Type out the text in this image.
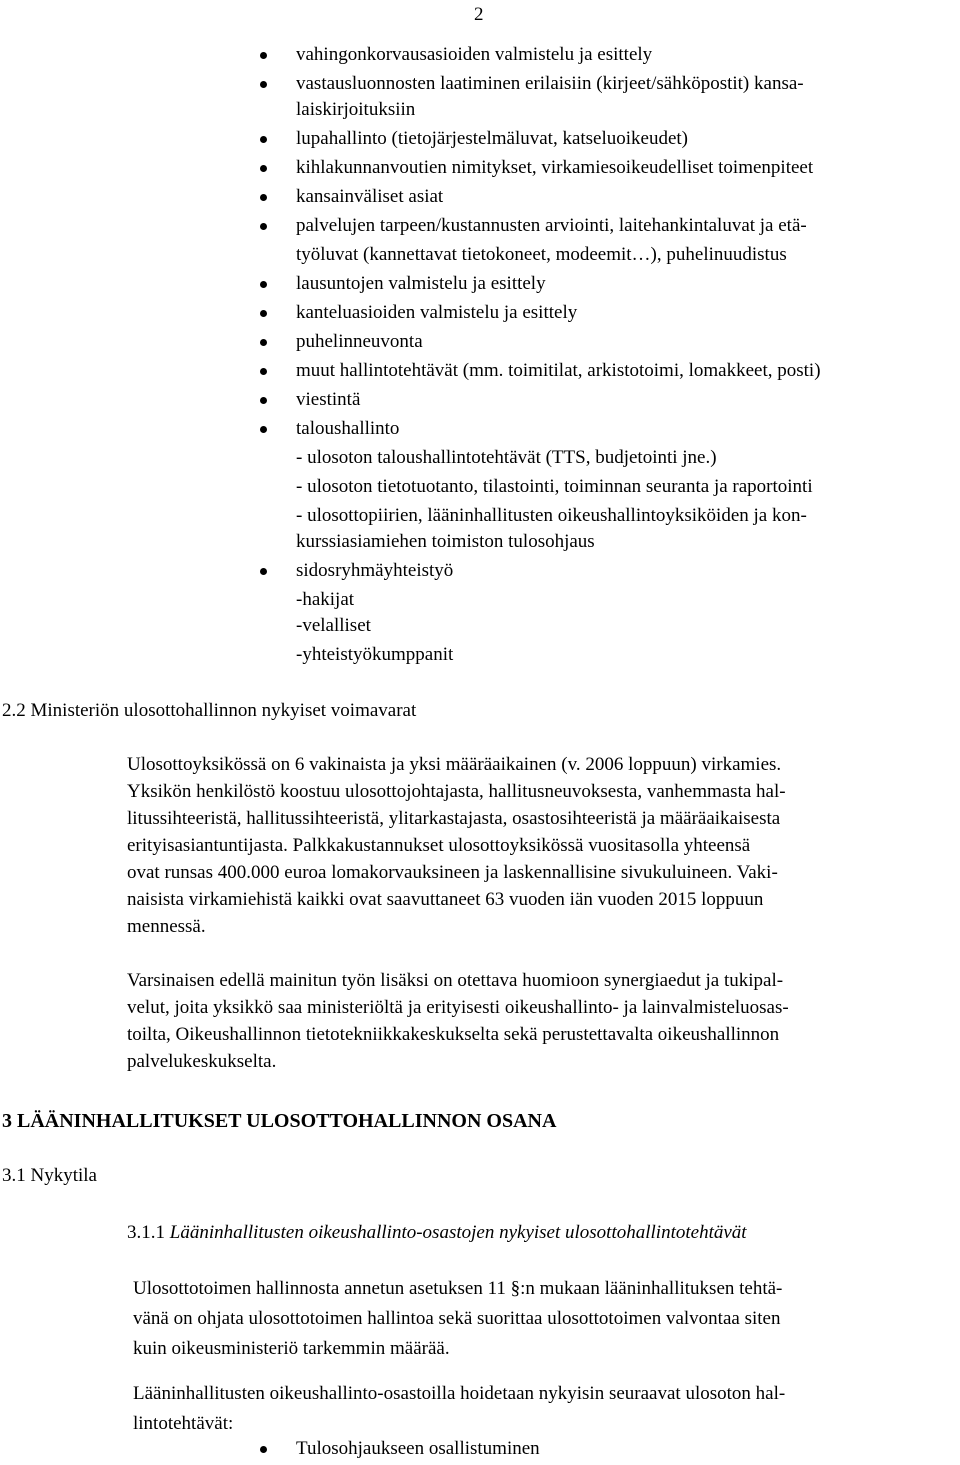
2
vahingonkorvausasioiden valmistelu ja esittely
vastausluonnosten laatiminen erilaisiin (kirjeet/sähköpostit) kansa-
laiskirjoituksiin
lupahallinto (tietojärjestelmäluvat, katseluoikeudet)
kihlakunnanvoutien nimitykset, virkamiesoikeudelliset toimenpiteet
kansainväliset asiat
palvelujen tarpeen/kustannusten arviointi, laitehankintaluvat ja etä-
työluvat (kannettavat tietokoneet, modeemit…), puhelinuudistus
lausuntojen valmistelu ja esittely
kanteluasioiden valmistelu ja esittely
puhelinneuvonta
muut hallintotehtävät (mm. toimitilat, arkistotoimi, lomakkeet, posti)
viestintä
taloushallinto
- ulosoton taloushallintotehtävät (TTS, budjetointi jne.)
- ulosoton tietotuotanto, tilastointi, toiminnan seuranta ja raportointi
- ulosottopiirien, lääninhallitusten oikeushallintoyksiköiden ja kon-
kurssiasiamiehen toimiston tulosohjaus
sidosryhmäyhteistyö
-hakijat
-velalliset
-yhteistyökumppanit
2.2 Ministeriön ulosottohallinnon nykyiset voimavarat
Ulosottoyksikössä on 6 vakinaista ja yksi määräaikainen (v. 2006 loppuun) virkamies.
Yksikön henkilöstö koostuu ulosottojohtajasta, hallitusneuvoksesta, vanhemmasta hal-
litussihteeristä, hallitussihteeristä, ylitarkastajasta, osastosihteeristä ja määräaikaisesta
erityisasiantuntijasta. Palkkakustannukset ulosottoyksikössä vuositasolla yhteensä
ovat runsas 400.000 euroa lomakorvauksineen ja laskennallisine sivukuluineen. Vaki-
naisista virkamiehistä kaikki ovat saavuttaneet 63 vuoden iän vuoden 2015 loppuun
mennessä.
Varsinaisen edellä mainitun työn lisäksi on otettava huomioon synergiaedut ja tukipal-
velut, joita yksikkö saa ministeriöltä ja erityisesti oikeushallinto- ja lainvalmisteluosas-
toilta, Oikeushallinnon tietotekniikkakeskukselta sekä perustettavalta oikeushallinnon
palvelukeskukselta.
3 LÄÄNINHALLITUKSET ULOSOTTOHALLINNON OSANA
3.1 Nykytila
3.1.1 Lääninhallitusten oikeushallinto-osastojen nykyiset ulosottohallintotehtävät
Ulosottotoimen hallinnosta annetun asetuksen 11 §:n mukaan lääninhallituksen tehtä-
vänä on ohjata ulosottotoimen hallintoa sekä suorittaa ulosottotoimen valvontaa siten
kuin oikeusministeriö tarkemmin määrää.
Lääninhallitusten oikeushallinto-osastoilla hoidetaan nykyisin seuraavat ulosoton hal-
lintotehtävät:
Tulosohjaukseen osallistuminen
